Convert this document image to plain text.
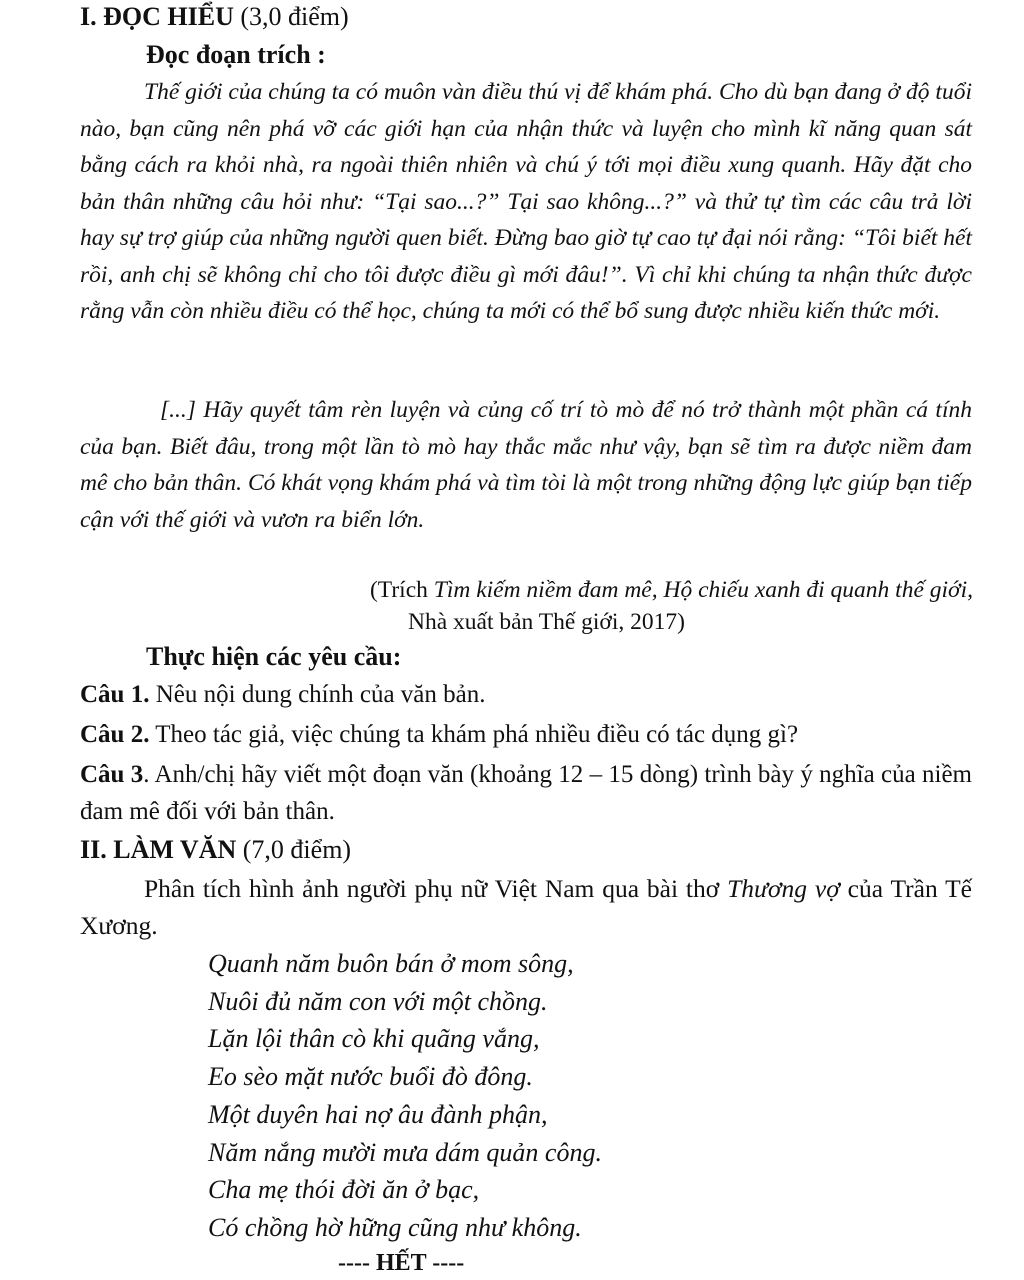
I. ĐỌC HIỂU (3,0 điểm)
Đọc đoạn trích :

Thế giới của chúng ta có muôn vàn điều thú vị để khám phá. Cho dù bạn đang ở độ tuổi nào, bạn cũng nên phá vỡ các giới hạn của nhận thức và luyện cho mình kĩ năng quan sát bằng cách ra khỏi nhà, ra ngoài thiên nhiên và chú ý tới mọi điều xung quanh. Hãy đặt cho bản thân những câu hỏi như: “Tại sao...?” Tại sao không...?” và thử tự tìm các câu trả lời hay sự trợ giúp của những người quen biết. Đừng bao giờ tự cao tự đại nói rằng: “Tôi biết hết rồi, anh chị sẽ không chỉ cho tôi được điều gì mới đâu!”. Vì chỉ khi chúng ta nhận thức được rằng vẫn còn nhiều điều có thể học, chúng ta mới có thể bổ sung được nhiều kiến thức mới.

[...] Hãy quyết tâm rèn luyện và củng cố trí tò mò để nó trở thành một phần cá tính của bạn. Biết đâu, trong một lần tò mò hay thắc mắc như vậy, bạn sẽ tìm ra được niềm đam mê cho bản thân. Có khát vọng khám phá và tìm tòi là một trong những động lực giúp bạn tiếp cận với thế giới và vươn ra biển lớn.

(Trích Tìm kiếm niềm đam mê, Hộ chiếu xanh đi quanh thế giới,
Nhà xuất bản Thế giới, 2017)
Thực hiện các yêu cầu:
Câu 1. Nêu nội dung chính của văn bản.
Câu 2. Theo tác giả, việc chúng ta khám phá nhiều điều có tác dụng gì?
Câu 3. Anh/chị hãy viết một đoạn văn (khoảng 12 – 15 dòng) trình bày ý nghĩa của niềm đam mê đối với bản thân.
II. LÀM VĂN (7,0 điểm)

Phân tích hình ảnh người phụ nữ Việt Nam qua bài thơ Thương vợ của Trần Tế Xương.

Quanh năm buôn bán ở mom sông,
Nuôi đủ năm con với một chồng.
Lặn lội thân cò khi quãng vắng,
Eo sèo mặt nước buổi đò đông.
Một duyên hai nợ âu đành phận,
Năm nắng mười mưa dám quản công.
Cha mẹ thói đời ăn ở bạc,
Có chồng hờ hững cũng như không.
---- HẾT ----
